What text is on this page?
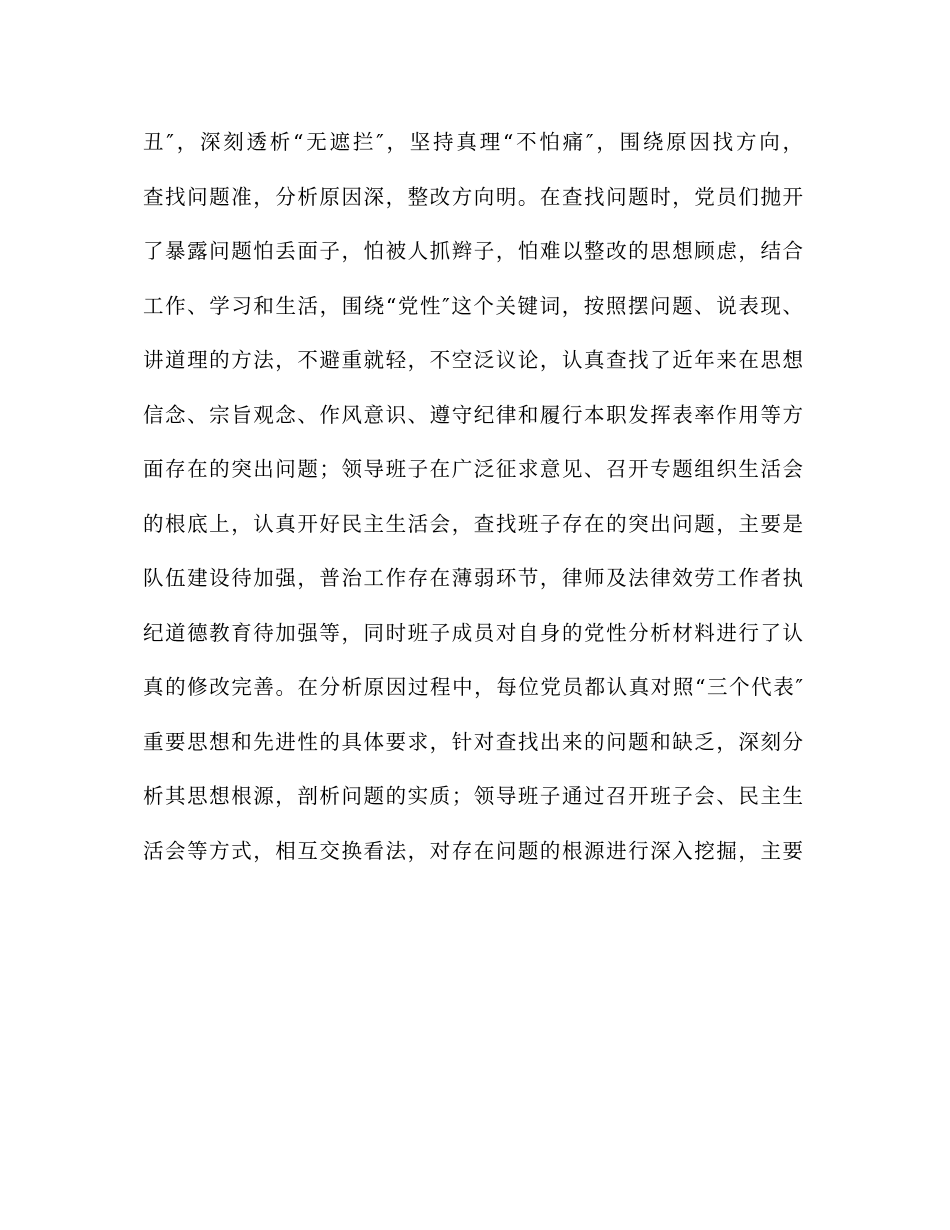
丑″，深刻透析“无遮拦″，坚持真理“不怕痛″，围绕原因找方向，
查找问题准，分析原因深，整改方向明。在查找问题时，党员们抛开
了暴露问题怕丢面子，怕被人抓辫子，怕难以整改的思想顾虑，结合
工作、学习和生活，围绕“党性″这个关键词，按照摆问题、说表现、
讲道理的方法，不避重就轻，不空泛议论，认真查找了近年来在思想
信念、宗旨观念、作风意识、遵守纪律和履行本职发挥表率作用等方
面存在的突出问题；领导班子在广泛征求意见、召开专题组织生活会
的根底上，认真开好民主生活会，查找班子存在的突出问题，主要是
队伍建设待加强，普治工作存在薄弱环节，律师及法律效劳工作者执
纪道德教育待加强等，同时班子成员对自身的党性分析材料进行了认
真的修改完善。在分析原因过程中，每位党员都认真对照“三个代表″
重要思想和先进性的具体要求，针对查找出来的问题和缺乏，深刻分
析其思想根源，剖析问题的实质；领导班子通过召开班子会、民主生
活会等方式，相互交换看法，对存在问题的根源进行深入挖掘，主要
